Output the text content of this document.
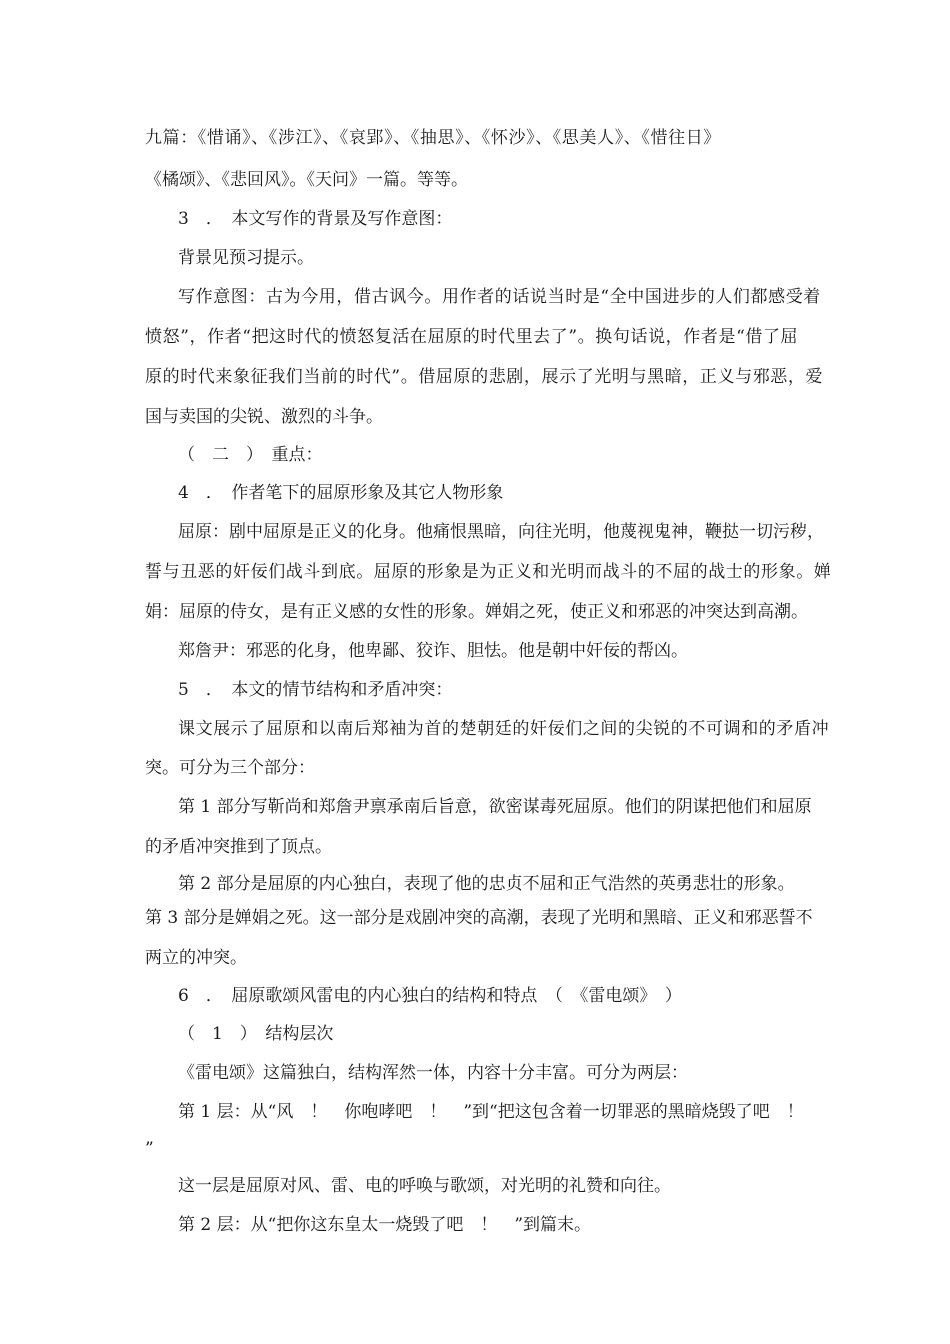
九篇：《惜诵》、《涉江》、《哀郢》、《抽思》、《怀沙》、《思美人》、《惜往日》
《橘颂》、《悲回风》。《天问》一篇。等等。
3　．　本文写作的背景及写作意图：
背景见预习提示。
写作意图：古为今用，借古讽今。用作者的话说当时是“全中国进步的人们都感受着
愤怒”，作者“把这时代的愤怒复活在屈原的时代里去了”。换句话说，作者是“借了屈
原的时代来象征我们当前的时代”。借屈原的悲剧，展示了光明与黑暗，正义与邪恶，爱
国与卖国的尖锐、激烈的斗争。
（　二　）　重点：
4　．　作者笔下的屈原形象及其它人物形象
屈原：剧中屈原是正义的化身。他痛恨黑暗，向往光明，他蔑视鬼神，鞭挞一切污秽，
誓与丑恶的奸佞们战斗到底。屈原的形象是为正义和光明而战斗的不屈的战士的形象。婵
娟：屈原的侍女，是有正义感的女性的形象。婵娟之死，使正义和邪恶的冲突达到高潮。
郑詹尹：邪恶的化身，他卑鄙、狡诈、胆怯。他是朝中奸佞的帮凶。
5　．　本文的情节结构和矛盾冲突：
课文展示了屈原和以南后郑袖为首的楚朝廷的奸佞们之间的尖锐的不可调和的矛盾冲
突。可分为三个部分：
第 1 部分写靳尚和郑詹尹禀承南后旨意，欲密谋毒死屈原。他们的阴谋把他们和屈原
的矛盾冲突推到了顶点。
第 2 部分是屈原的内心独白，表现了他的忠贞不屈和正气浩然的英勇悲壮的形象。
第 3 部分是婵娟之死。这一部分是戏剧冲突的高潮，表现了光明和黑暗、正义和邪恶誓不
两立的冲突。
6　．　屈原歌颂风雷电的内心独白的结构和特点　（　《雷电颂》　）
（　1　）　结构层次
《雷电颂》这篇独白，结构浑然一体，内容十分丰富。可分为两层：
第 1 层：从“风　！　你咆哮吧　！　”到“把这包含着一切罪恶的黑暗烧毁了吧　！
”
这一层是屈原对风、雷、电的呼唤与歌颂，对光明的礼赞和向往。
第 2 层：从“把你这东皇太一烧毁了吧　！　”到篇末。
